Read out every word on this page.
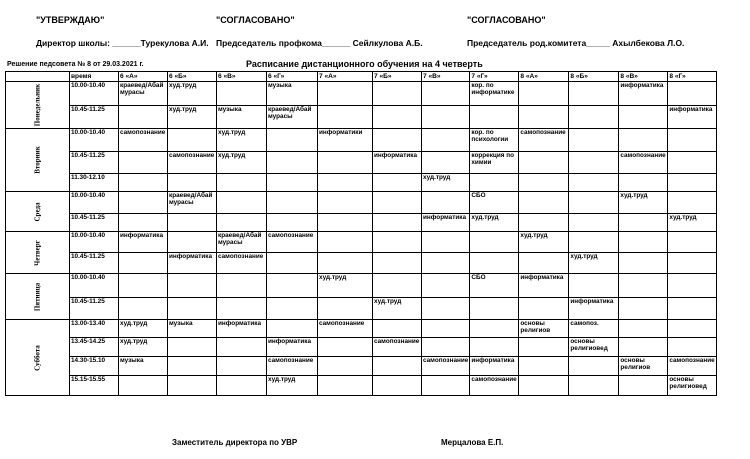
"УТВЕРЖДАЮ"
Директор школы: ______Турекулова А.И.
"СОГЛАСОВАНО"
Председатель профкома______ Сейлкулова А.Б.
"СОГЛАСОВАНО"
Председатель род.комитета_____ Ахылбекова Л.О.
Решение педсовета № 8 от 29.03.2021 г.	Расписание дистанционного обучения на 4 четверть
	время	6 «А»	6 «Б»	6 «В»	6 «Г»	7 «А»	7 «Б»	7 «В»	7 «Г»	8 «А»	8 «Б»	8 «В»	8 «Г»

Понедельник	10.00-10.40	краевед/Абай мурасы	худ.труд		музыка				кор. по информатике			информатика	
	10.45-11.25		худ.труд	музыка	краевед/Абай мурасы								информатика

Вторник	10.00-10.40	самопознание		худ.труд		информатики			кор. по психологии	самопознание			
	10.45-11.25		самопознание	худ.труд			информатика		коррекция по химии			самопознание	
	11.30-12.10							худ.труд					

Среда	10.00-10.40		краевед/Абай мурасы						СБО			худ.труд	
	10.45-11.25							информатика	худ.труд				худ.труд

Четверг	10.00-10.40	информатика		краевед/Абай мурасы	самопознание					худ.труд			
	10.45-11.25		информатика	самопознание							худ.труд		

Пятница	10.00-10.40					худ.труд			СБО	информатика			
	10.45-11.25						худ.труд				информатика		

Суббота	13.00-13.40	худ.труд	музыка	информатика		самопознание				основы религиов	самопоз.		
	13.45-14.25	худ.труд			информатика		самопознание				основы религиовед		
	14.30-15.10	музыка			самопознание			самопознание	информатика			основы религиов	самопознание
	15.15-15.55				худ.труд				самопознание				основы религиовед
Заместитель директора по УВР	Мерцалова Е.П.
